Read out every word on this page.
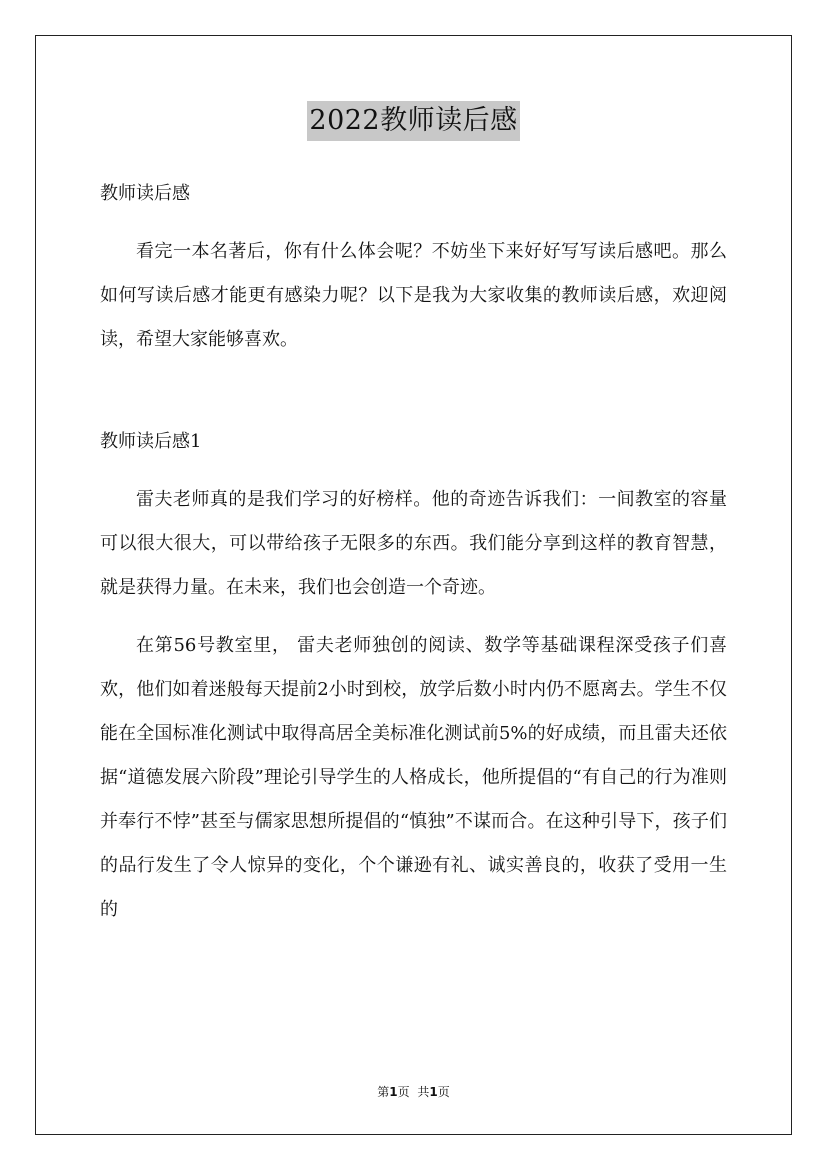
2022教师读后感

教师读后感

看完一本名著后，你有什么体会呢？不妨坐下来好好写写读后感吧。那么如何写读后感才能更有感染力呢？以下是我为大家收集的教师读后感，欢迎阅读，希望大家能够喜欢。

教师读后感1

雷夫老师真的是我们学习的好榜样。他的奇迹告诉我们：一间教室的容量可以很大很大，可以带给孩子无限多的东西。我们能分享到这样的教育智慧，就是获得力量。在未来，我们也会创造一个奇迹。

在第56号教室里， 雷夫老师独创的阅读、数学等基础课程深受孩子们喜欢，他们如着迷般每天提前2小时到校，放学后数小时内仍不愿离去。学生不仅能在全国标准化测试中取得高居全美标准化测试前5%的好成绩，而且雷夫还依据“道德发展六阶段”理论引导学生的人格成长，他所提倡的“有自己的行为准则并奉行不悖”甚至与儒家思想所提倡的“慎独”不谋而合。在这种引导下，孩子们的品行发生了令人惊异的变化，个个谦逊有礼、诚实善良的，收获了受用一生的

第1页 共1页
